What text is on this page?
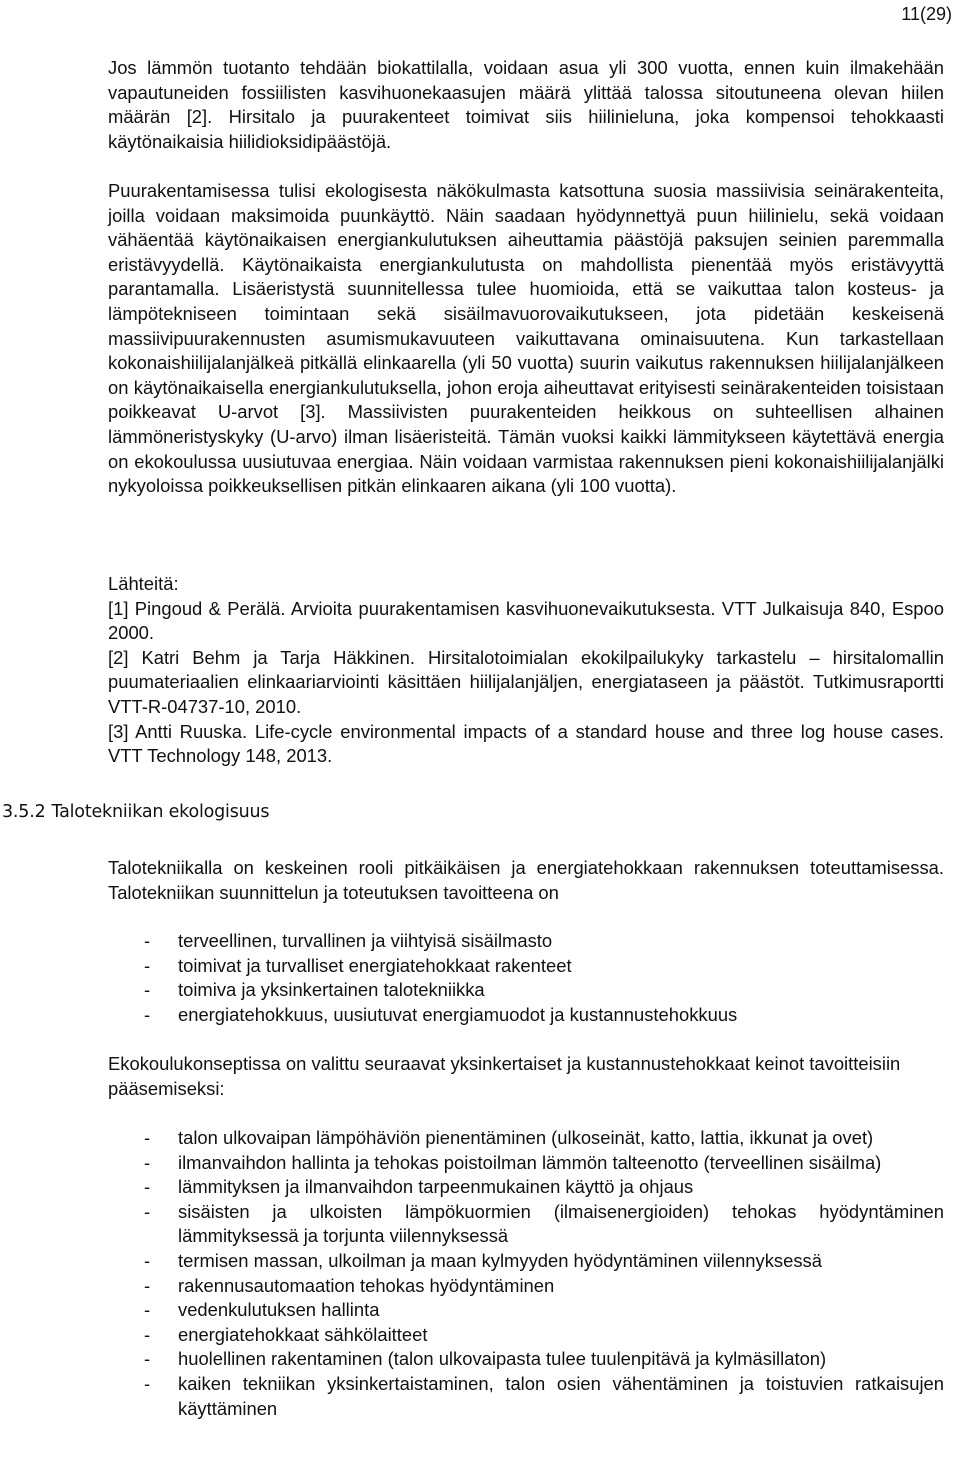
11(29)

Jos lämmön tuotanto tehdään biokattilalla, voidaan asua yli 300 vuotta, ennen kuin ilmakehään vapautuneiden fossiilisten kasvihuonekaasujen määrä ylittää talossa sitoutuneena olevan hiilen määrän [2]. Hirsitalo ja puurakenteet toimivat siis hiilinieluna, joka kompensoi tehokkaasti käytönaikaisia hiilidioksidipäästöjä.

Puurakentamisessa tulisi ekologisesta näkökulmasta katsottuna suosia massiivisia seinärakenteita, joilla voidaan maksimoida puunkäyttö. Näin saadaan hyödynnettyä puun hiilinielu, sekä voidaan vähäentää käytönaikaisen energiankulutuksen aiheuttamia päästöjä paksujen seinien paremmalla eristävyydellä. Käytönaikaista energiankulutusta on mahdollista pienentää myös eristävyyttä parantamalla. Lisäeristystä suunnitellessa tulee huomioida, että se vaikuttaa talon kosteus- ja lämpötekniseen toimintaan sekä sisäilmavuorovaikutukseen, jota pidetään keskeisenä massiivipuurakennusten asumismukavuuteen vaikuttavana ominaisuutena. Kun tarkastellaan kokonaishiilijalanjälkeä pitkällä elinkaarella (yli 50 vuotta) suurin vaikutus rakennuksen hiilijalanjälkeen on käytönaikaisella energiankulutuksella, johon eroja aiheuttavat erityisesti seinärakenteiden toisistaan poikkeavat U-arvot [3]. Massiivisten puurakenteiden heikkous on suhteellisen alhainen lämmöneristyskyky (U-arvo) ilman lisäeristeitä. Tämän vuoksi kaikki lämmitykseen käytettävä energia on ekokoulussa uusiutuvaa energiaa. Näin voidaan varmistaa rakennuksen pieni kokonaishiilijalanjälki nykyoloissa poikkeuksellisen pitkän elinkaaren aikana (yli 100 vuotta).

Lähteitä:
[1] Pingoud & Perälä. Arvioita puurakentamisen kasvihuonevaikutuksesta. VTT Julkaisuja 840, Espoo 2000.
[2] Katri Behm ja Tarja Häkkinen. Hirsitalotoimialan ekokilpailukyky tarkastelu – hirsitalomallin puumateriaalien elinkaariarviointi käsittäen hiilijalanjäljen, energiataseen ja päästöt. Tutkimusraportti VTT-R-04737-10, 2010.
[3] Antti Ruuska. Life-cycle environmental impacts of a standard house and three log house cases. VTT Technology 148, 2013.
3.5.2 Talotekniikan ekologisuus

Talotekniikalla on keskeinen rooli pitkäikäisen ja energiatehokkaan rakennuksen toteuttamisessa. Talotekniikan suunnittelun ja toteutuksen tavoitteena on

- terveellinen, turvallinen ja viihtyisä sisäilmasto
- toimivat ja turvalliset energiatehokkaat rakenteet
- toimiva ja yksinkertainen talotekniikka
- energiatehokkuus, uusiutuvat energiamuodot ja kustannustehokkuus

Ekokoulukonseptissa on valittu seuraavat yksinkertaiset ja kustannustehokkaat keinot tavoitteisiin pääsemiseksi:

- talon ulkovaipan lämpöhäviön pienentäminen (ulkoseinät, katto, lattia, ikkunat ja ovet)
- ilmanvaihdon hallinta ja tehokas poistoilman lämmön talteenotto (terveellinen sisäilma)
- lämmityksen ja ilmanvaihdon tarpeenmukainen käyttö ja ohjaus
- sisäisten ja ulkoisten lämpökuormien (ilmaisenergioiden) tehokas hyödyntäminen lämmityksessä ja torjunta viilennyksessä
- termisen massan, ulkoilman ja maan kylmyyden hyödyntäminen viilennyksessä
- rakennusautomaation tehokas hyödyntäminen
- vedenkulutuksen hallinta
- energiatehokkaat sähkölaitteet
- huolellinen rakentaminen (talon ulkovaipasta tulee tuulenpitävä ja kylmäsillaton)
- kaiken tekniikan yksinkertaistaminen, talon osien vähentäminen ja toistuvien ratkaisujen käyttäminen
